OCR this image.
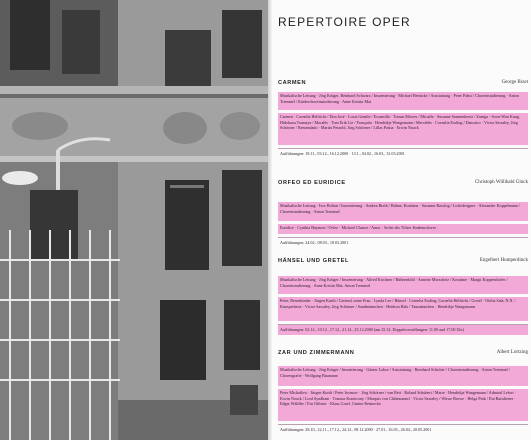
REPERTOIRE OPER
CARMEN	George Bizet
Musikalische Leitung · Jörg Krüger, Reinhard Schwarz / Inszenierung · Michael Heinicke / Ausstattung · Peter Pabst / Choreinstudierung · Anton Tremmel / Kinderchoreinstudierung · Anne Kristin Mai
Carmen · Cornelia Helfricht / Don José · Louis Gentile / Escamillo · Tomas Möwes / Micaëla · Susanne Stanneskeotz / Zuniga · Soon-Won Kang, Hidekazu Tsumaya / Moralès · Tom Erik Lie / Frasquita · Hendrikje Wangemann / Mercédès · Cornelia Essling / Dancaïro · Victor Sawaley, Jörg Schörner / Remendado · Martin Petzold, Jörg Schörner / Lillas Pastia · Erwin Noack
Aufführungen: 18.11., 03.12., 16.12.2000 · 13.1., 04.02., 16.03., 31.03.2001
ORFEO ED EURIDICE	Christoph Willibald Gluck
Musikalische Leitung · Ivor Bolton / Inszenierung · Andrea Breth / Bühne, Kostüme · Susanne Raschig / Lichtdesigner · Alexander Koppelmann / Choreinstudierung · Anton Tremmel
Euridice · Cynthia Haymon / Orfeo · Michael Chance / Amor · Solist des Tölzer Knabenchores
Aufführungen: 24.02., 08.03., 18.03.2001
HÄNSEL UND GRETEL	Engelbert Humperdinck
Musikalische Leitung · Jörg Krüger / Inszenierung · Alfred Kirchner / Bühnenbild · Annette Murschetz / Kostüme · Margit Koppendorfer / Choreinstudierung · Anne Kristin Mai, Anton Tremmel
Peter, Besenbinder · Jürgen Kurth / Gertrud, seine Frau · Lynda Lee / Hänsel · Cornelia Essling, Cornelia Helfricht / Gretel · Ofelia Sala, N.N. / Knusperhexe · Victor Sawaley, Jörg Schörner / Sandmännchen · Heidrun Hals / Taumännchen · Hendrikje Wangemann
Aufführungen: 02.12., 10.12., 17.12., 21.12., 25.12.2000 (am 25.12. Doppelvorstellungen: 11.00 und 17.00 Uhr)
ZAR UND ZIMMERMANN	Albert Lortzing
Musikalische Leitung · Jörg Krüger / Inszenierung · Günter Lohse / Ausstattung · Bernhard Schröter / Choreinstudierung · Anton Tremmel / Choreografie · Wolfgang Baumann
Peter Michailow · Jürgen Kurth / Peter Iwanow · Jörg Schörner / van Bett · Roland Schubert / Marie · Hendrikje Wangemann / Admiral Lefort · Erwin Noack / Lord Syndham · Tomasz Konieczny / Marquis von Châteauneuf · Victor Sawaley / Witwe Browe · Helga Pink / Ein Ratsdiener · Edgar Wäldler / Ein Offizier · Klaus Graef, Günter Reimecke
Aufführungen: 28.10., 22.11., 17.12., 24.12., 08.12.2000 · 27.01., 16.03., 26.04., 20.05.2001
